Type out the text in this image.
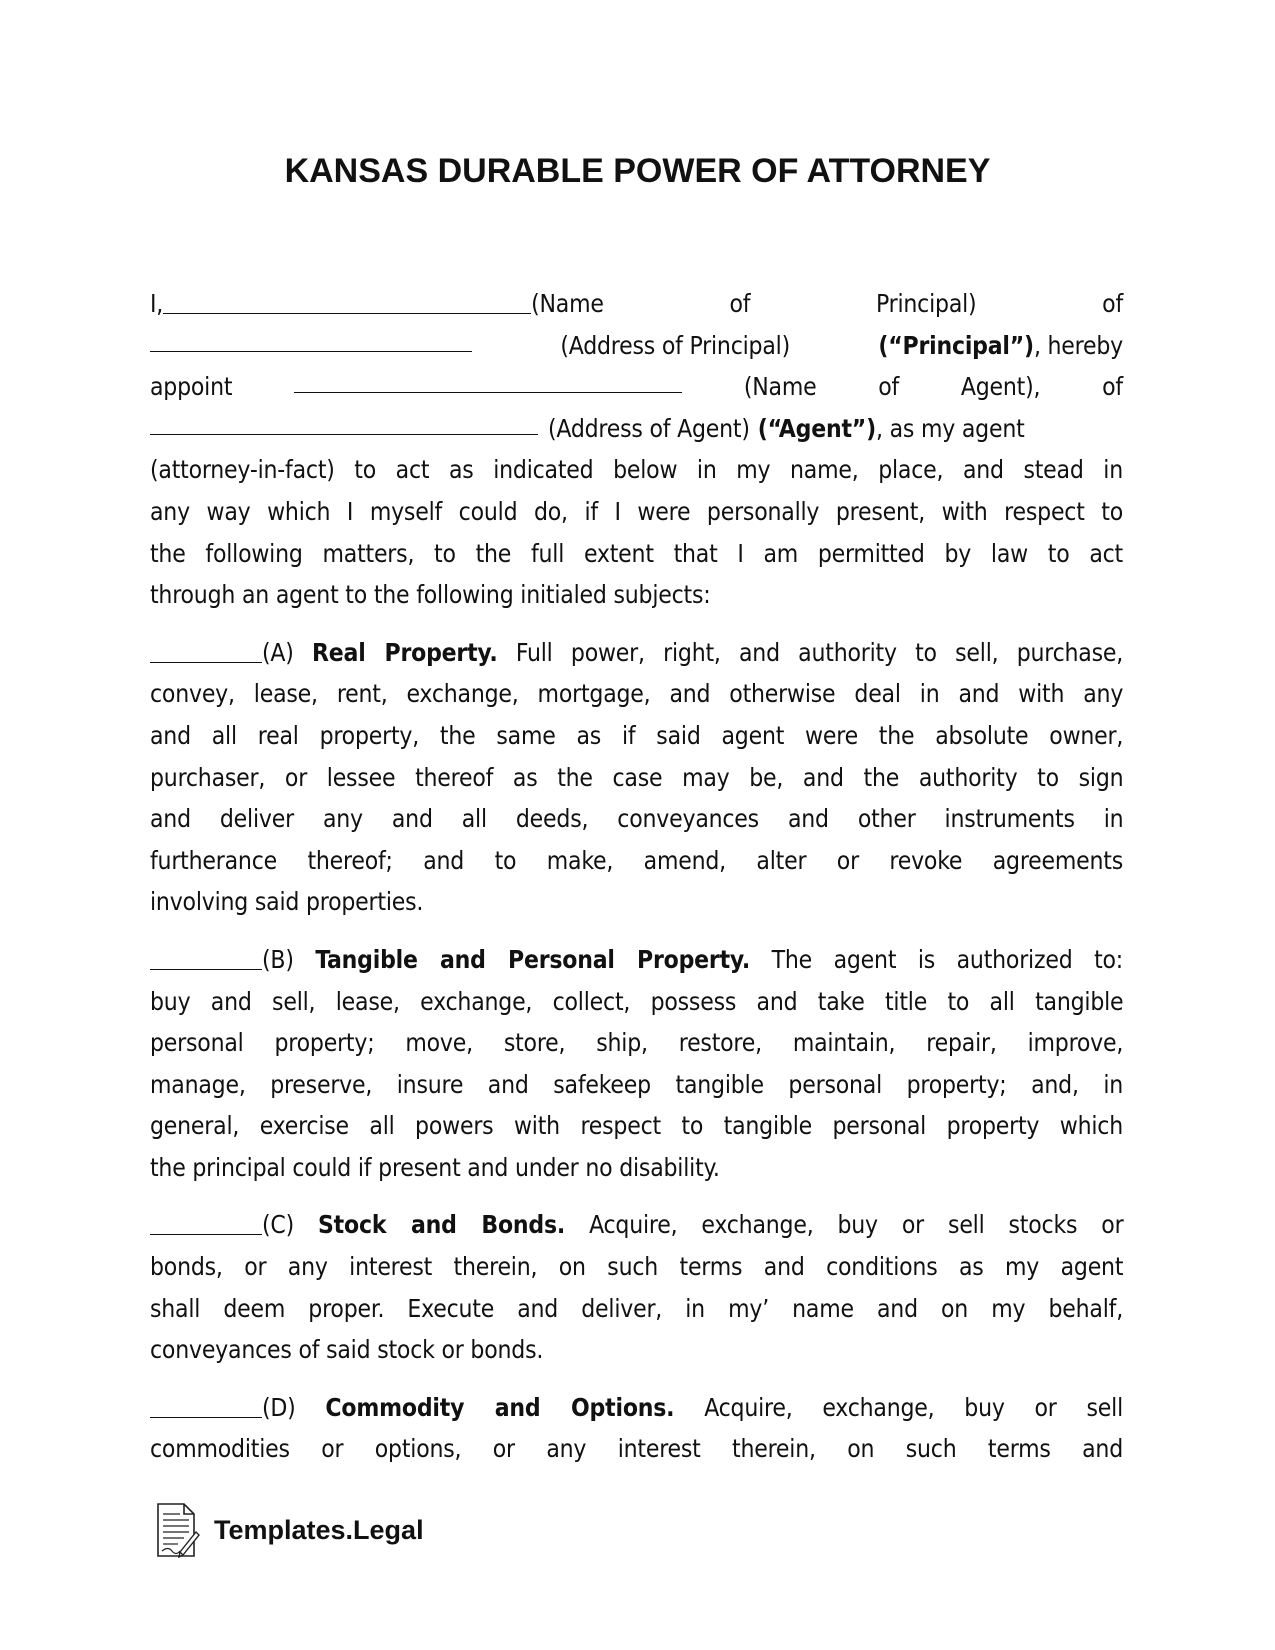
KANSAS DURABLE POWER OF ATTORNEY
I,	(Name	of	Principal)	of
(Address of Principal)	(“Principal”), hereby
appoint	(Name	of	Agent),	of
(Address of Agent) (“Agent”) , as my agent
(attorney-in-fact) to act as indicated below in my name, place, and stead in
any way which I myself could do, if I were personally present, with respect to
the following matters, to the full extent that I am permitted by law to act
through an agent to the following initialed subjects:
(A) Real Property. Full power, right, and authority to sell, purchase,
convey, lease, rent, exchange, mortgage, and otherwise deal in and with any
and all real property, the same as if said agent were the absolute owner,
purchaser, or lessee thereof as the case may be, and the authority to sign
and deliver any and all deeds, conveyances and other instruments in
furtherance thereof; and to make, amend, alter or revoke agreements
involving said properties.
(B) Tangible and Personal Property. The agent is authorized to:
buy and sell, lease, exchange, collect, possess and take title to all tangible
personal property; move, store, ship, restore, maintain, repair, improve,
manage, preserve, insure and safekeep tangible personal property; and, in
general, exercise all powers with respect to tangible personal property which
the principal could if present and under no disability.
(C) Stock and Bonds. Acquire, exchange, buy or sell stocks or
bonds, or any interest therein, on such terms and conditions as my agent
shall deem proper. Execute and deliver, in my’ name and on my behalf,
conveyances of said stock or bonds.
(D) Commodity and Options. Acquire, exchange, buy or sell
commodities or options, or any interest therein, on such terms and
Templates.Legal
